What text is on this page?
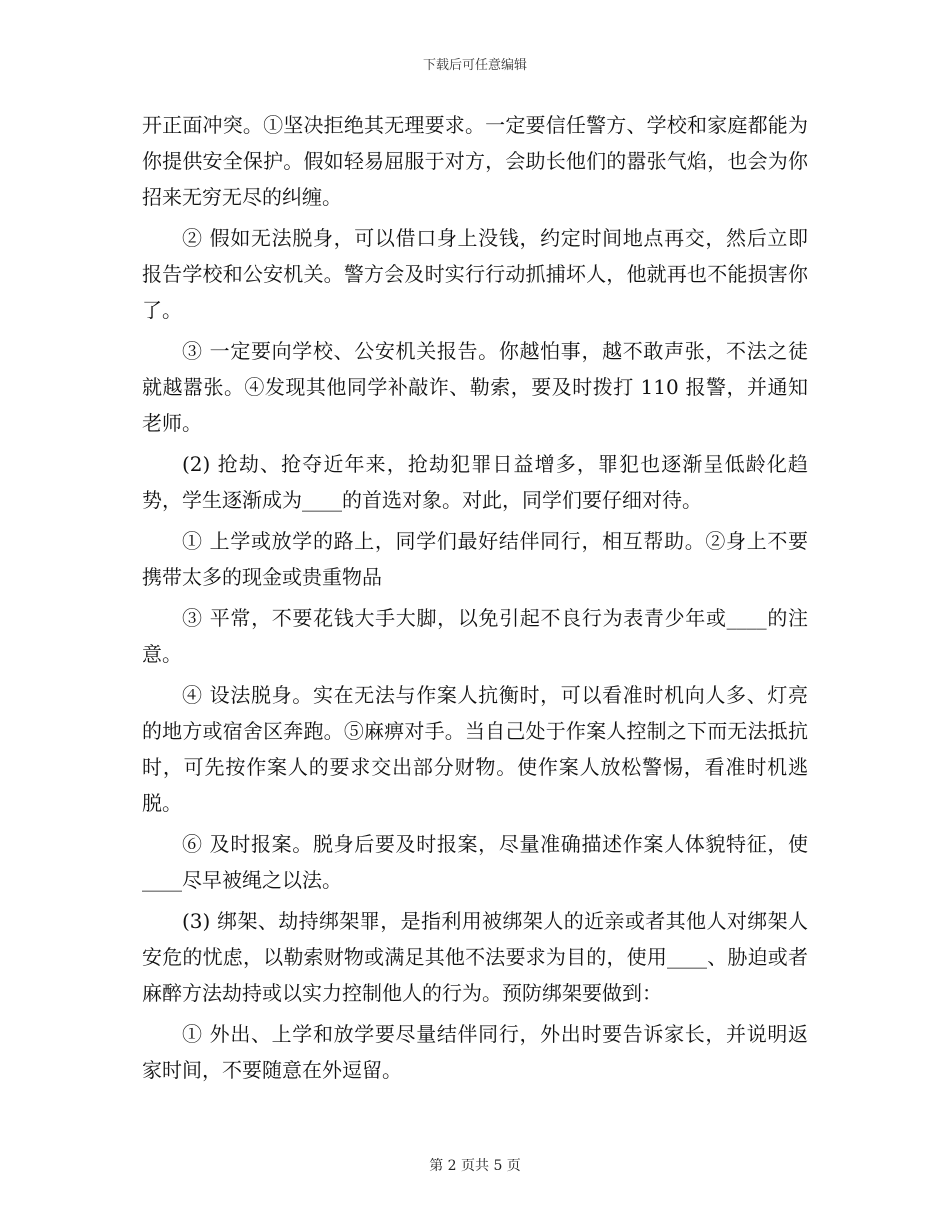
下载后可任意编辑

开正面冲突。①坚决拒绝其无理要求。一定要信任警方、学校和家庭都能为你提供安全保护。假如轻易屈服于对方，会助长他们的嚣张气焰，也会为你招来无穷无尽的纠缠。

② 假如无法脱身，可以借口身上没钱，约定时间地点再交，然后立即报告学校和公安机关。警方会及时实行行动抓捕坏人，他就再也不能损害你了。

③ 一定要向学校、公安机关报告。你越怕事，越不敢声张，不法之徒就越嚣张。④发现其他同学补敲诈、勒索，要及时拨打 110 报警，并通知老师。

(2) 抢劫、抢夺近年来，抢劫犯罪日益增多，罪犯也逐渐呈低龄化趋势，学生逐渐成为____的首选对象。对此，同学们要仔细对待。

① 上学或放学的路上，同学们最好结伴同行，相互帮助。②身上不要携带太多的现金或贵重物品

③ 平常，不要花钱大手大脚，以免引起不良行为表青少年或____的注意。

④ 设法脱身。实在无法与作案人抗衡时，可以看准时机向人多、灯亮的地方或宿舍区奔跑。⑤麻痹对手。当自己处于作案人控制之下而无法抵抗时，可先按作案人的要求交出部分财物。使作案人放松警惕，看准时机逃脱。

⑥ 及时报案。脱身后要及时报案，尽量准确描述作案人体貌特征，使____尽早被绳之以法。

(3) 绑架、劫持绑架罪，是指利用被绑架人的近亲或者其他人对绑架人安危的忧虑，以勒索财物或满足其他不法要求为目的，使用____、胁迫或者麻醉方法劫持或以实力控制他人的行为。预防绑架要做到：

① 外出、上学和放学要尽量结伴同行，外出时要告诉家长，并说明返家时间，不要随意在外逗留。

第 2 页共 5 页
